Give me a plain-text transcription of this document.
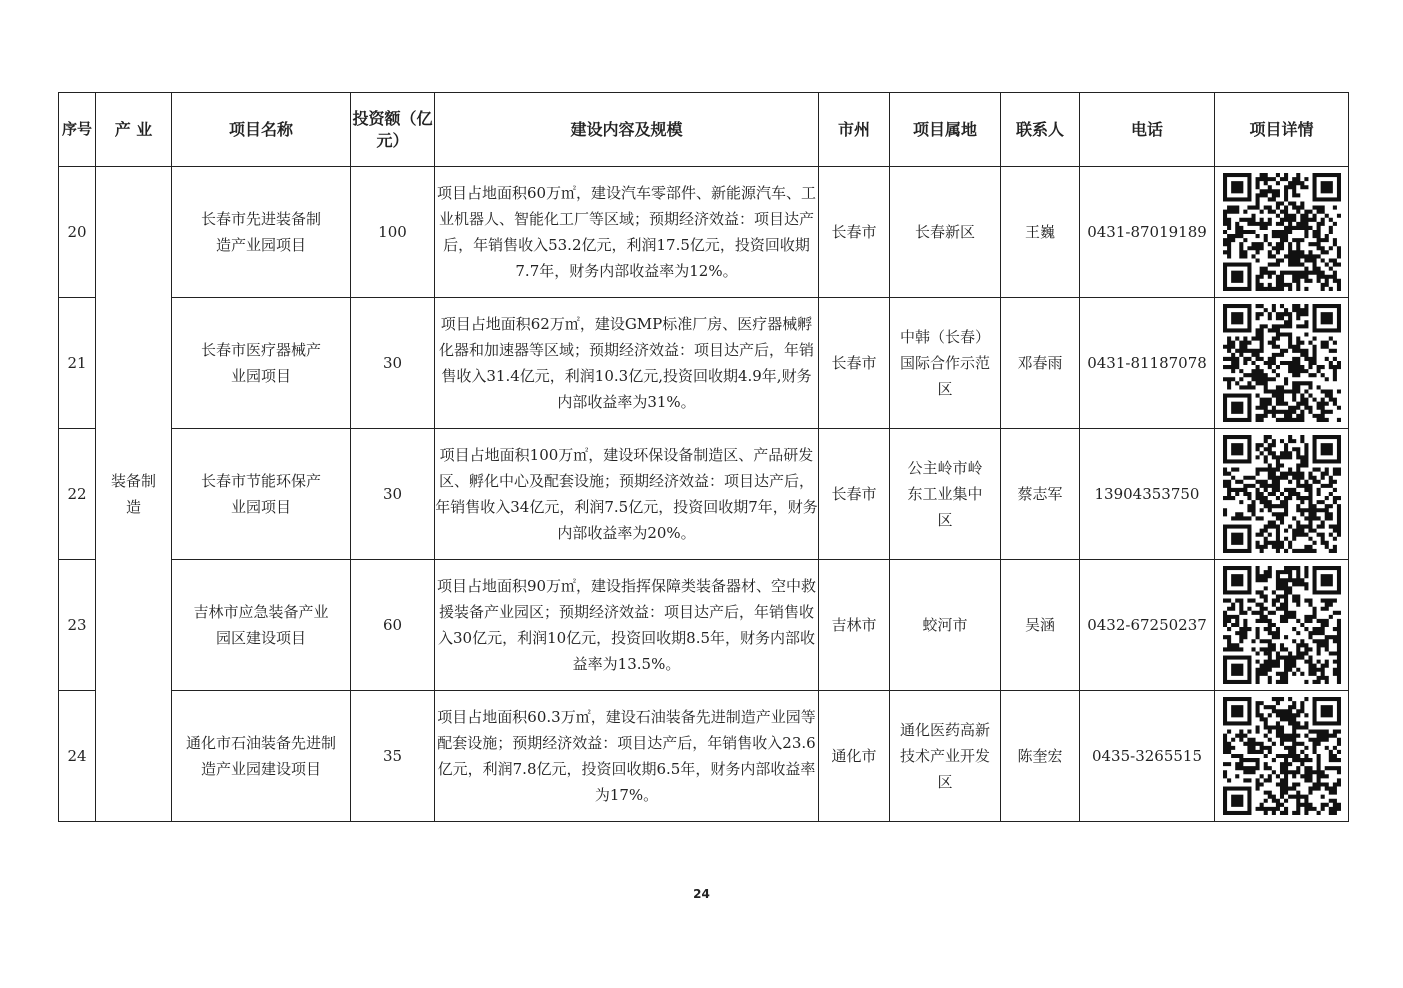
序号	产 业	项目名称	投资额（亿元）	建设内容及规模	市州	项目属地	联系人	电话	项目详情
20	装备制造	长春市先进装备制造产业园项目	100	项目占地面积60万㎡，建设汽车零部件、新能源汽车、工业机器人、智能化工厂等区域；预期经济效益：项目达产后，年销售收入53.2亿元，利润17.5亿元，投资回收期7.7年，财务内部收益率为12%。	长春市	长春新区	王巍	0431-87019189	

21		长春市医疗器械产业园项目	30	项目占地面积62万㎡，建设GMP标准厂房、医疗器械孵化器和加速器等区域；预期经济效益：项目达产后，年销售收入31.4亿元，利润10.3亿元,投资回收期4.9年,财务内部收益率为31%。	长春市	中韩（长春）国际合作示范区	邓春雨	0431-81187078	

22		长春市节能环保产业园项目	30	项目占地面积100万㎡，建设环保设备制造区、产品研发区、孵化中心及配套设施；预期经济效益：项目达产后，年销售收入34亿元，利润7.5亿元，投资回收期7年，财务内部收益率为20%。	长春市	公主岭市岭东工业集中区	蔡志军	13904353750	

23		吉林市应急装备产业园区建设项目	60	项目占地面积90万㎡，建设指挥保障类装备器材、空中救援装备产业园区；预期经济效益：项目达产后，年销售收入30亿元，利润10亿元，投资回收期8.5年，财务内部收益率为13.5%。	吉林市	蛟河市	吴涵	0432-67250237	

24		通化市石油装备先进制造产业园建设项目	35	项目占地面积60.3万㎡，建设石油装备先进制造产业园等配套设施；预期经济效益：项目达产后，年销售收入23.6亿元，利润7.8亿元，投资回收期6.5年，财务内部收益率为17%。	通化市	通化医药高新技术产业开发区	陈奎宏	0435-3265515	
24
